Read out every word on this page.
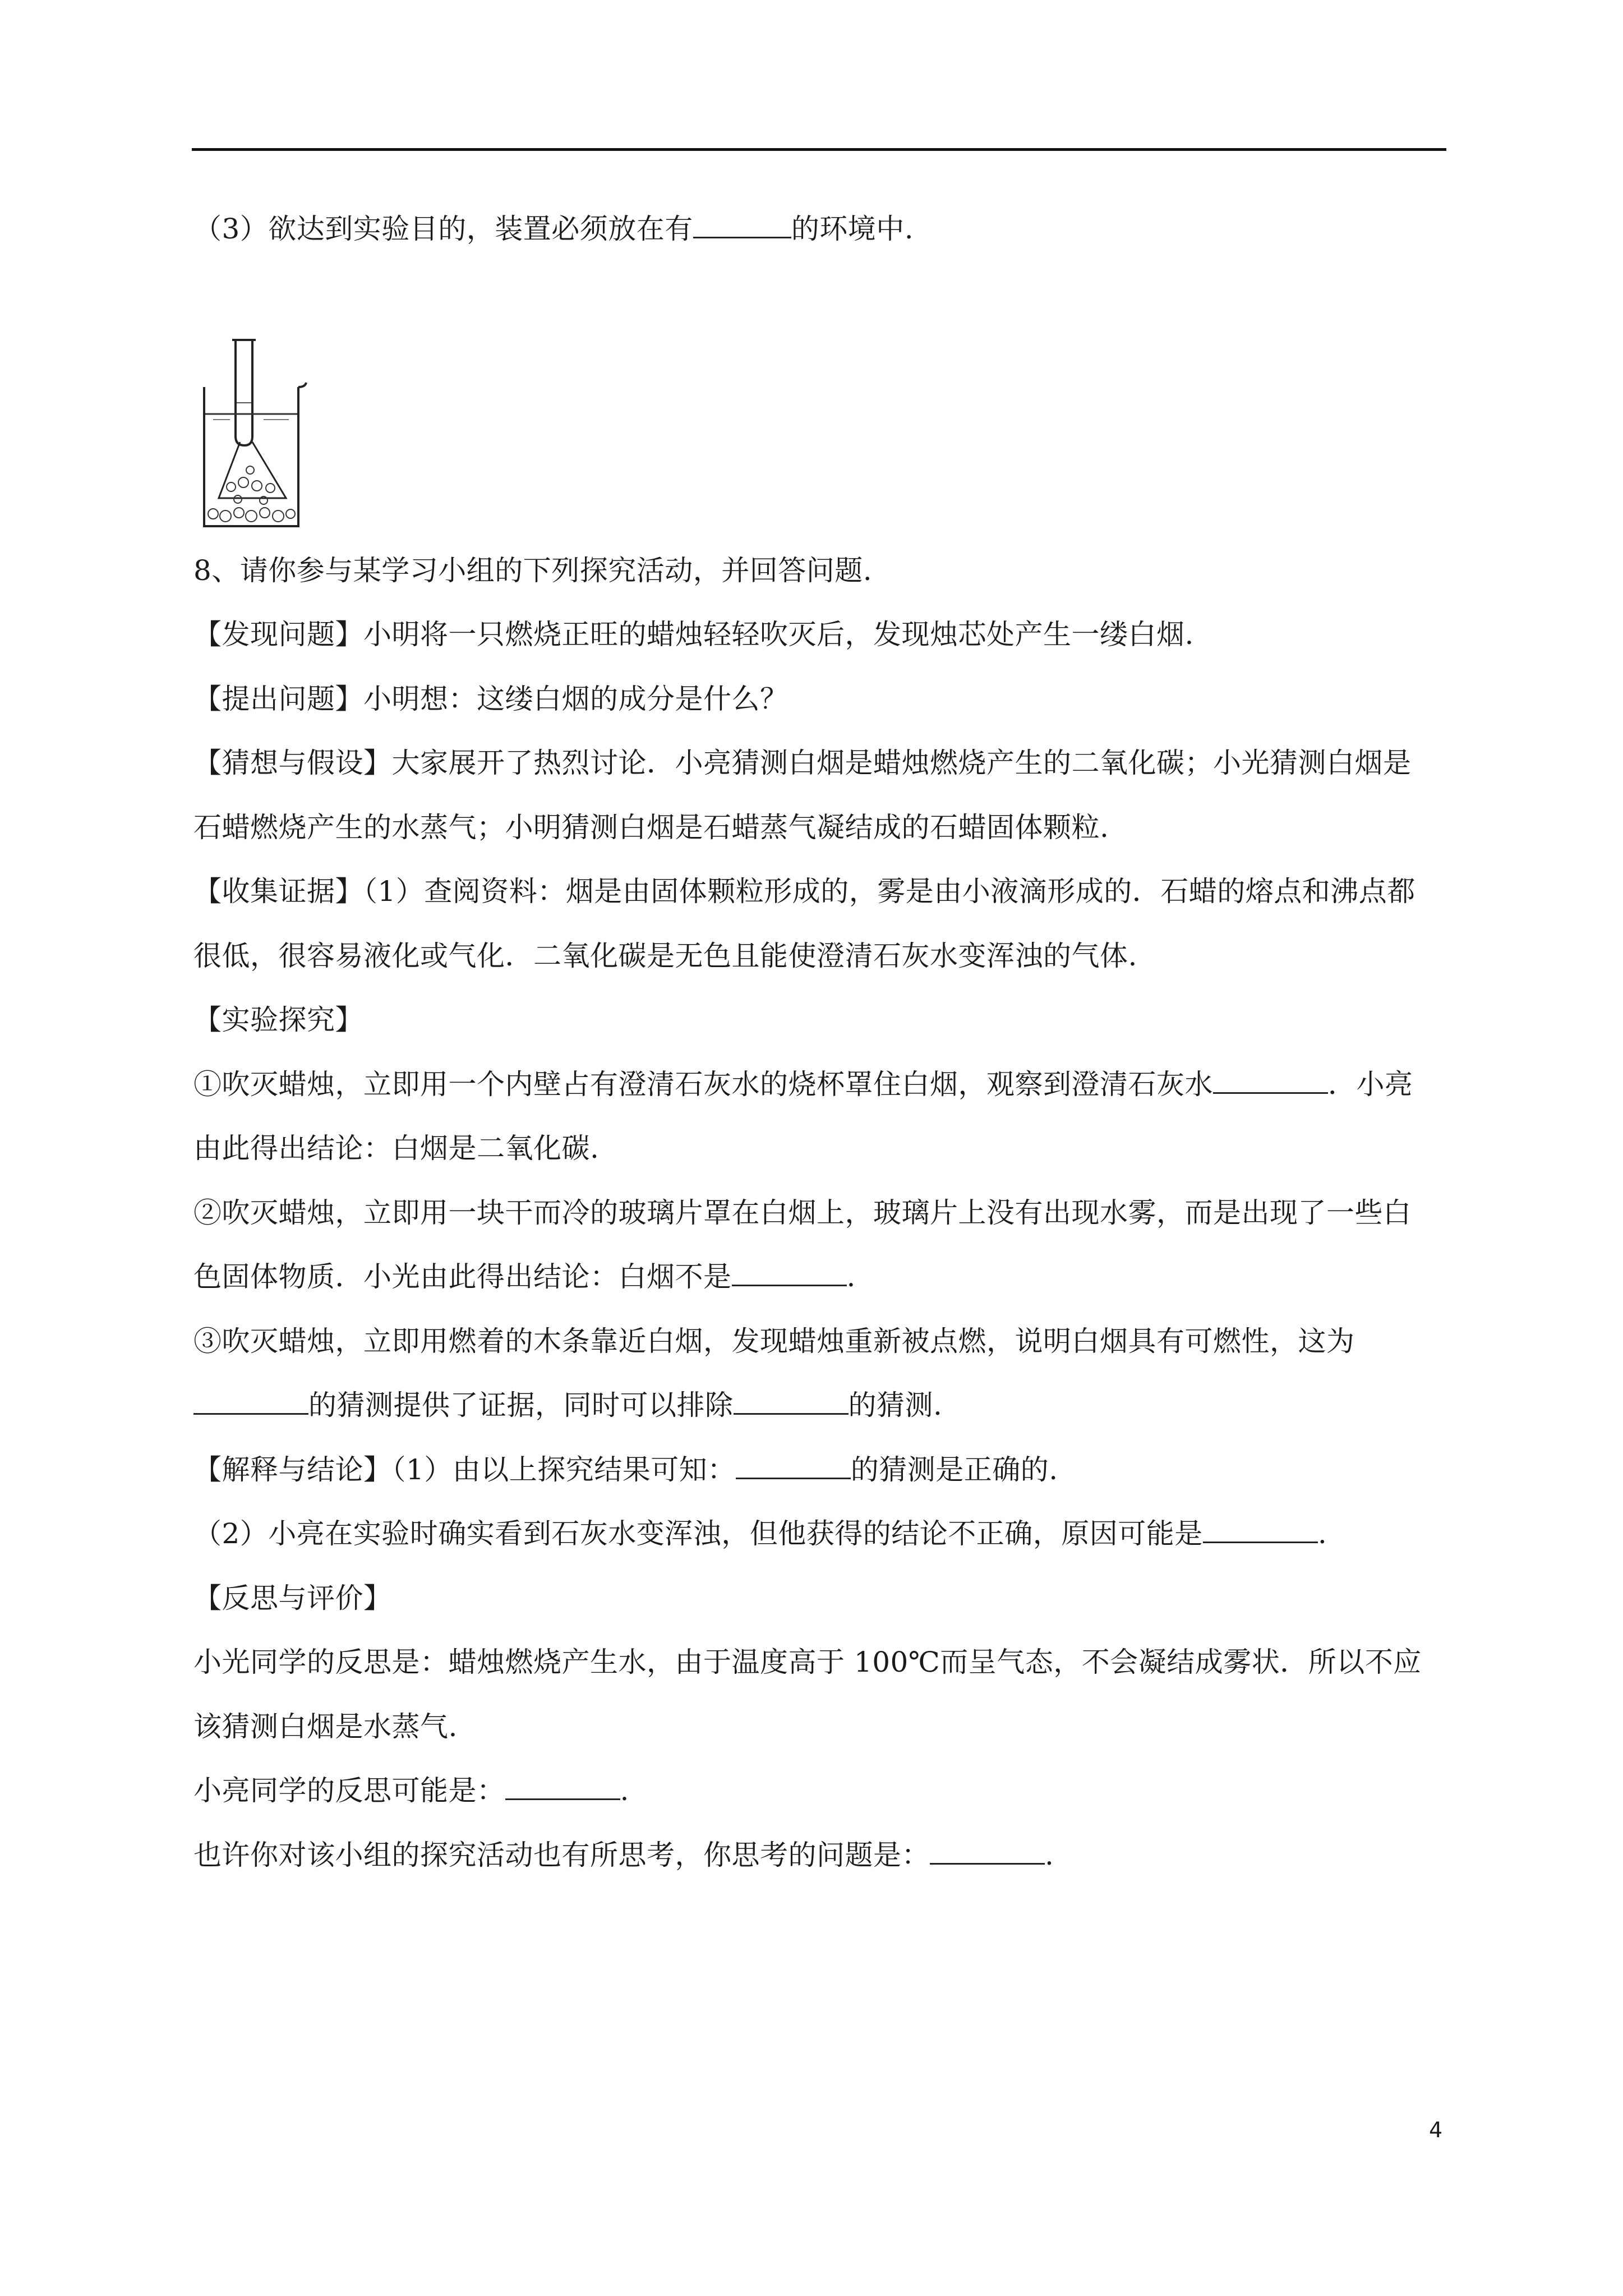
（3）欲达到实验目的，装置必须放在有	的环境中.
8、请你参与某学习小组的下列探究活动，并回答问题.
【发现问题】小明将一只燃烧正旺的蜡烛轻轻吹灭后，发现烛芯处产生一缕白烟.
【提出问题】小明想：这缕白烟的成分是什么？
【猜想与假设】大家展开了热烈讨论．小亮猜测白烟是蜡烛燃烧产生的二氧化碳；小光猜测白烟是
石蜡燃烧产生的水蒸气；小明猜测白烟是石蜡蒸气凝结成的石蜡固体颗粒.
【收集证据】（1）查阅资料：烟是由固体颗粒形成的，雾是由小液滴形成的．石蜡的熔点和沸点都
很低，很容易液化或气化．二氧化碳是无色且能使澄清石灰水变浑浊的气体.
【实验探究】
①吹灭蜡烛，立即用一个内壁占有澄清石灰水的烧杯罩住白烟，观察到澄清石灰水	．小亮
由此得出结论：白烟是二氧化碳.
②吹灭蜡烛，立即用一块干而冷的玻璃片罩在白烟上，玻璃片上没有出现水雾，而是出现了一些白
色固体物质．小光由此得出结论：白烟不是	.
③吹灭蜡烛，立即用燃着的木条靠近白烟，发现蜡烛重新被点燃，说明白烟具有可燃性，这为
的猜测提供了证据，同时可以排除	的猜测.
【解释与结论】（1）由以上探究结果可知：	的猜测是正确的.
（2）小亮在实验时确实看到石灰水变浑浊，但他获得的结论不正确，原因可能是	.
【反思与评价】
小光同学的反思是：蜡烛燃烧产生水，由于温度高于 100℃而呈气态，不会凝结成雾状．所以不应
该猜测白烟是水蒸气.
小亮同学的反思可能是：	.
也许你对该小组的探究活动也有所思考，你思考的问题是：	.
4
